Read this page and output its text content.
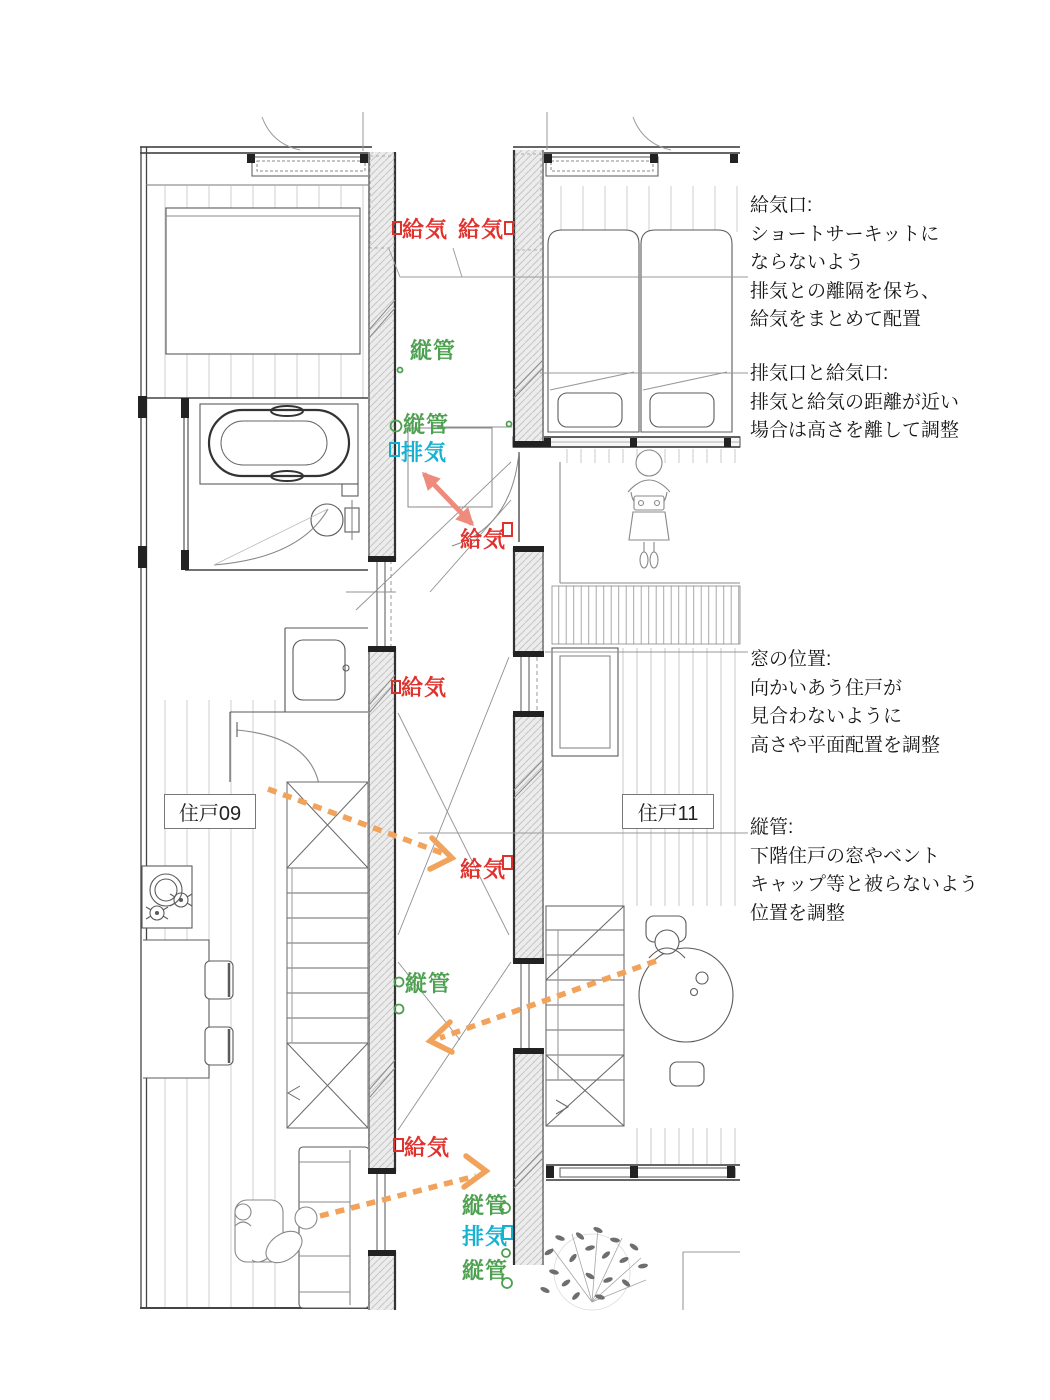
給気 給気
給気
給気
給気
給気
排気
排気
縦管
縦管
縦管
縦管
縦管
住戸09	住戸11
給気口:
ショートサーキットに
ならないよう
排気との離隔を保ち、
給気をまとめて配置
排気口と給気口:
排気と給気の距離が近い
場合は高さを離して調整
窓の位置:
向かいあう住戸が
見合わないように
高さや平面配置を調整
縦管:
下階住戸の窓やベント
キャップ等と被らないよう
位置を調整
